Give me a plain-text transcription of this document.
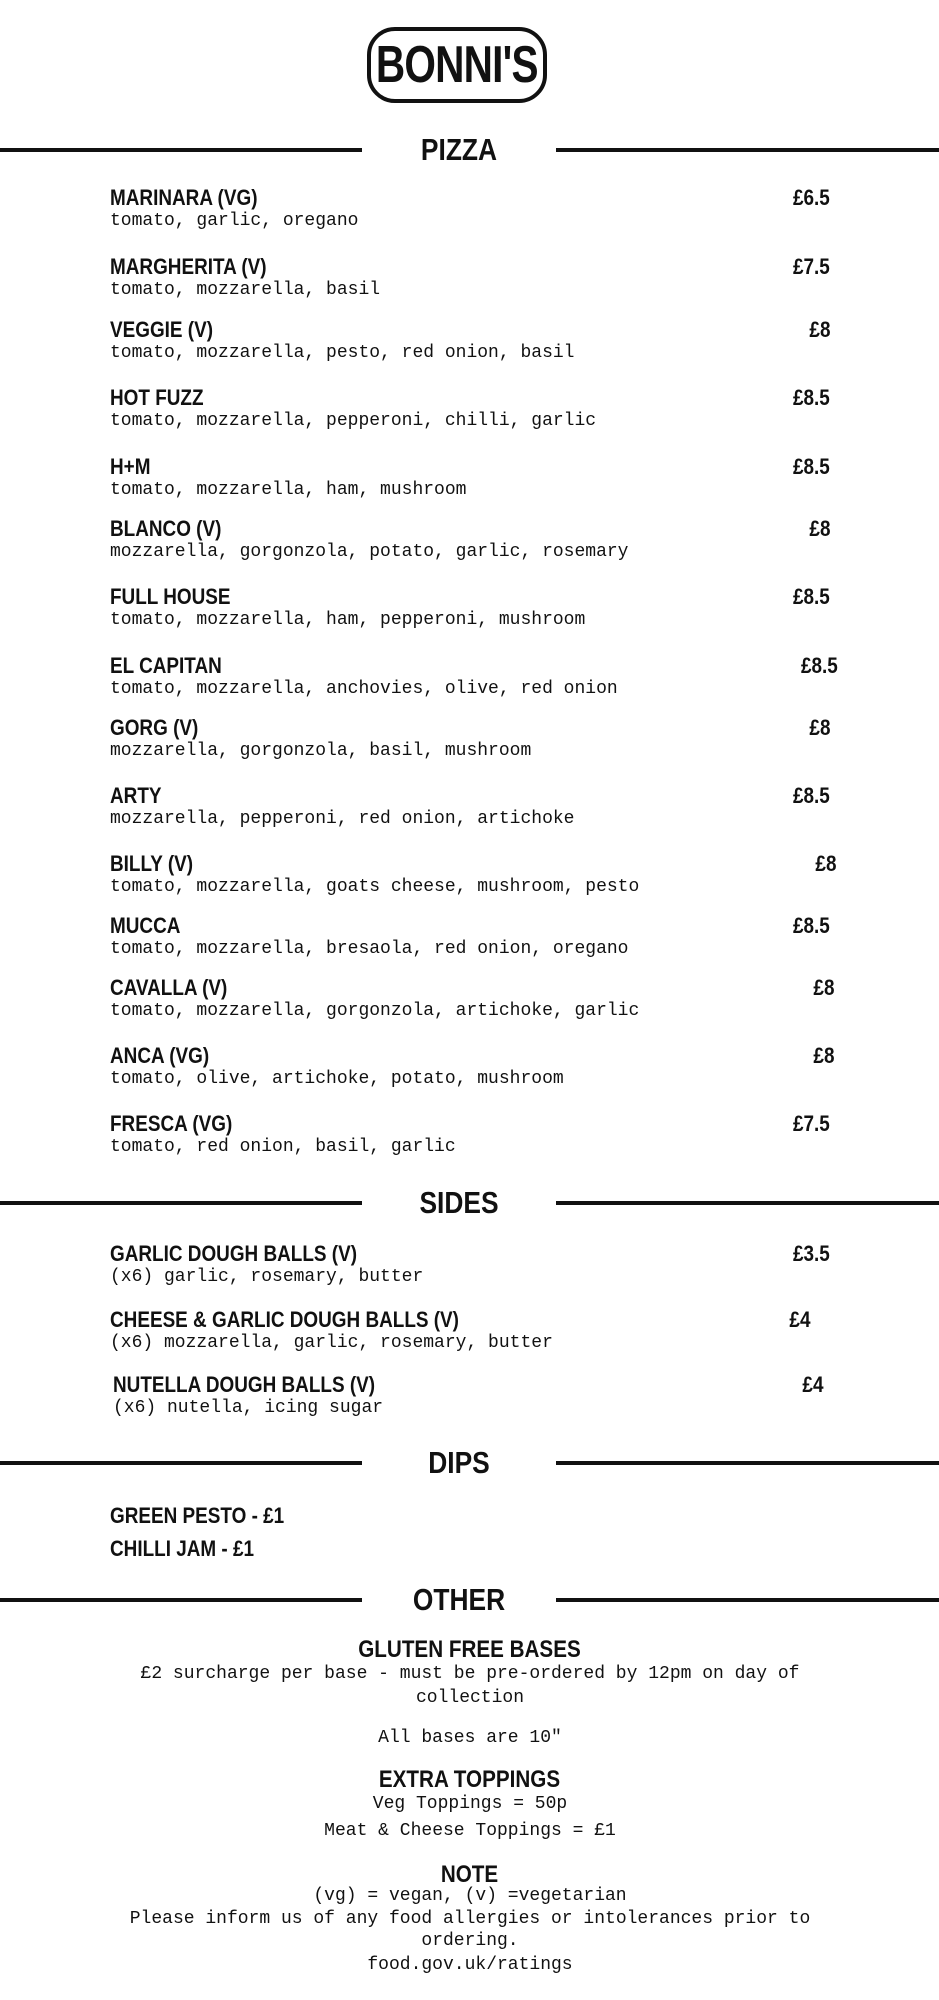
BONNI'S
PIZZA
MARINARA (VG)
tomato, garlic, oregano
£6.5
MARGHERITA (V)
tomato, mozzarella, basil
£7.5
VEGGIE (V)
tomato, mozzarella, pesto, red onion, basil
£8
HOT FUZZ
tomato, mozzarella, pepperoni, chilli, garlic
£8.5
H+M
tomato, mozzarella, ham, mushroom
£8.5
BLANCO (V)
mozzarella, gorgonzola, potato, garlic, rosemary
£8
FULL HOUSE
tomato, mozzarella, ham, pepperoni, mushroom
£8.5
EL CAPITAN
tomato, mozzarella, anchovies, olive, red onion
£8.5
GORG (V)
mozzarella, gorgonzola, basil, mushroom
£8
ARTY
mozzarella, pepperoni, red onion, artichoke
£8.5
BILLY (V)
tomato, mozzarella, goats cheese, mushroom, pesto
£8
MUCCA
tomato, mozzarella, bresaola, red onion, oregano
£8.5
CAVALLA (V)
tomato, mozzarella, gorgonzola, artichoke, garlic
£8
ANCA (VG)
tomato, olive, artichoke, potato, mushroom
£8
FRESCA (VG)
tomato, red onion, basil, garlic
£7.5
SIDES
GARLIC DOUGH BALLS (V)
(x6) garlic, rosemary, butter
£3.5
CHEESE & GARLIC DOUGH BALLS (V)
(x6) mozzarella, garlic, rosemary, butter
£4
NUTELLA DOUGH BALLS (V)
(x6) nutella, icing sugar
£4
DIPS
GREEN PESTO - £1
CHILLI JAM - £1
OTHER
GLUTEN FREE BASES
£2 surcharge per base - must be pre-ordered by 12pm on day of collection
All bases are 10"
EXTRA TOPPINGS
Veg Toppings = 50p
Meat & Cheese Toppings = £1
NOTE
(vg) = vegan, (v) =vegetarian
Please inform us of any food allergies or intolerances prior to ordering.
food.gov.uk/ratings
